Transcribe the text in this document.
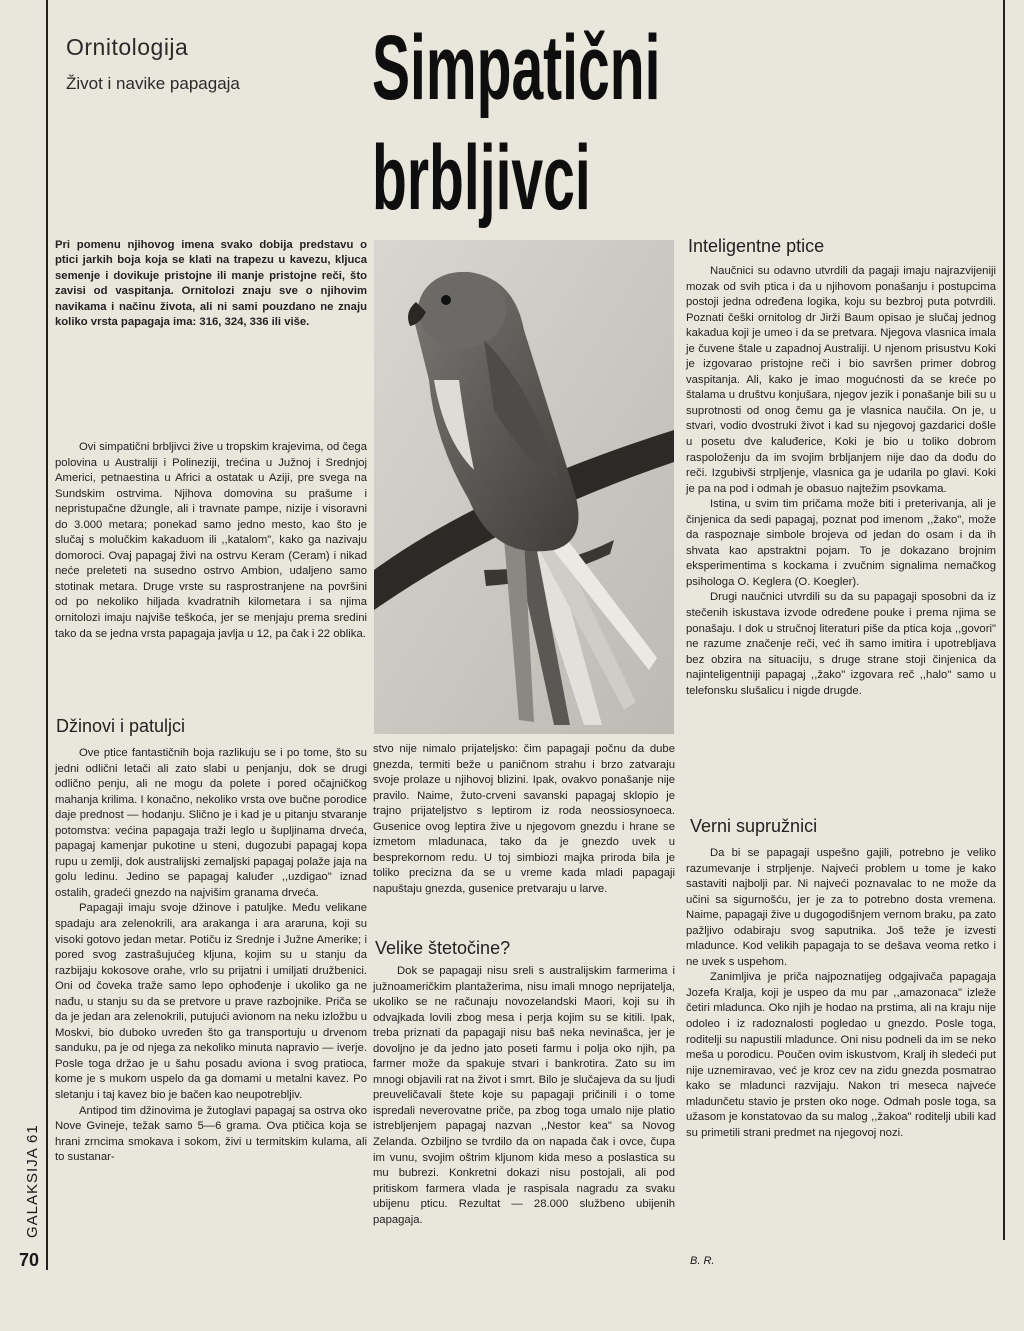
Ornitologija
Život i navike papagaja Simpatični
brbljivci
Pri pomenu njihovog imena svako dobija predstavu o ptici jarkih boja koja se klati na trapezu u kavezu, kljuca semenje i dovikuje pristojne ili manje pristojne reči, što zavisi od vaspitanja. Ornitolozi znaju sve o njihovim navikama i načinu života, ali ni sami pouzdano ne znaju koliko vrsta papagaja ima: 316, 324, 336 ili više.

Ovi simpatični brbljivci žive u tropskim krajevima, od čega polovina u Australiji i Polineziji, trećina u Južnoj i Srednjoj Americi, petnaestina u Africi a ostatak u Aziji, pre svega na Sundskim ostrvima. Njihova domovina su prašume i nepristupačne džungle, ali i travnate pampe, nizije i visoravni do 3.000 metara; ponekad samo jedno mesto, kao što je slučaj s molučkim kakaduom ili ,,katalom", kako ga nazivaju domoroci. Ovaj papagaj živi na ostrvu Keram (Ceram) i nikad neće preleteti na susedno ostrvo Ambion, udaljeno samo stotinak metara. Druge vrste su rasprostranjene na površini od po nekoliko hiljada kvadratnih kilometara i sa njima ornitolozi imaju najviše teškoća, jer se menjaju prema sredini tako da se jedna vrsta papagaja javlja u 12, pa čak i 22 oblika.

Džinovi i patuljci

Ove ptice fantastičnih boja razlikuju se i po tome, što su jedni odlični letači ali zato slabi u penjanju, dok se drugi odlično penju, ali ne mogu da polete i pored očajničkog mahanja krilima. I konačno, nekoliko vrsta ove bučne porodice daje prednost — hodanju. Slično je i kad je u pitanju stvaranje potomstva: većina papagaja traži leglo u šupljinama drveća, papagaj kamenjar pukotine u steni, dugozubi papagaj kopa rupu u zemlji, dok australijski zemaljski papagaj polaže jaja na golu ledinu. Jedino se papagaj kaluđer ,,uzdigao" iznad ostalih, gradeći gnezdo na najvišim granama drveća.

Papagaji imaju svoje džinove i patuljke. Među velikane spadaju ara zelenokrili, ara arakanga i ara araruna, koji su visoki gotovo jedan metar. Potiču iz Srednje i Južne Amerike; i pored svog zastrašujućeg kljuna, kojim su u stanju da razbijaju kokosove orahe, vrlo su prijatni i umiljati družbenici. Oni od čoveka traže samo lepo ophođenje i ukoliko ga ne nađu, u stanju su da se pretvore u prave razbojnike. Priča se da je jedan ara zelenokrili, putujući avionom na neku izložbu u Moskvi, bio duboko uvređen što ga transportuju u drvenom sanduku, pa je od njega za nekoliko minuta napravio — iverje. Posle toga držao je u šahu posadu aviona i svog pratioca, kome je s mukom uspelo da ga domami u metalni kavez. Po sletanju i taj kavez bio je bačen kao neupotrebljiv.

Antipod tim džinovima je žutoglavi papagaj sa ostrva oko Nove Gvineje, težak samo 5—6 grama. Ova ptičica koja se hrani zrncima smokava i sokom, živi u termitskim kulama, ali to sustanar-

stvo nije nimalo prijateljsko: čim papagaji počnu da dube gnezda, termiti beže u paničnom strahu i brzo zatvaraju svoje prolaze u njihovoj blizini. Ipak, ovakvo ponašanje nije pravilo. Naime, žuto-crveni savanski papagaj sklopio je trajno prijateljstvo s leptirom iz roda neossiosynoeca. Gusenice ovog leptira žive u njegovom gnezdu i hrane se izmetom mladunaca, tako da je gnezdo uvek u besprekornom redu. U toj simbiozi majka priroda bila je toliko precizna da se u vreme kada mladi papagaji napuštaju gnezda, gusenice pretvaraju u larve.

Velike štetočine?

Dok se papagaji nisu sreli s australijskim farmerima i južnoameričkim plantažerima, nisu imali mnogo neprijatelja, ukoliko se ne računaju novozelandski Maori, koji su ih odvajkada lovili zbog mesa i perja kojim su se kitili. Ipak, treba priznati da papagaji nisu baš neka nevinašca, jer je dovoljno je da jedno jato poseti farmu i polja oko njih, pa farmer može da spakuje stvari i bankrotira. Zato su im mnogi objavili rat na život i smrt. Bilo je slučajeva da su ljudi preuveličavali štete koje su papagaji pričinili i o tome ispredali neverovatne priče, pa zbog toga umalo nije platio istrebljenjem papagaj nazvan ,,Nestor kea" sa Novog Zelanda. Ozbiljno se tvrdilo da on napada čak i ovce, čupa im vunu, svojim oštrim kljunom kida meso a poslastica su mu bubrezi. Konkretni dokazi nisu postojali, ali pod pritiskom farmera vlada je raspisala nagradu za svaku ubijenu pticu. Rezultat — 28.000 službeno ubijenih papagaja.

Inteligentne ptice

Naučnici su odavno utvrdili da pagaji imaju najrazvijeniji mozak od svih ptica i da u njihovom ponašanju i postupcima postoji jedna određena logika, koju su bezbroj puta potvrdili. Poznati češki ornitolog dr Jirži Baum opisao je slučaj jednog kakadua koji je umeo i da se pretvara. Njegova vlasnica imala je čuvene štale u zapadnoj Australiji. U njenom prisustvu Koki je izgovarao pristojne reči i bio savršen primer dobrog vaspitanja. Ali, kako je imao mogućnosti da se kreće po štalama u društvu konjušara, njegov jezik i ponašanje bili su u suprotnosti od onog čemu ga je vlasnica naučila. On je, u stvari, vodio dvostruki život i kad su njegovoj gazdarici došle u posetu dve kaluđerice, Koki je bio u toliko dobrom raspoloženju da im svojim brbljanjem nije dao da dođu do reči. Izgubivši strpljenje, vlasnica ga je udarila po glavi. Koki je pa na pod i odmah je obasuo najtežim psovkama.

Istina, u svim tim pričama može biti i preterivanja, ali je činjenica da sedi papagaj, poznat pod imenom ,,žako", može da raspoznaje simbole brojeva od jedan do osam i da ih shvata kao apstraktni pojam. To je dokazano brojnim eksperimentima s kockama i zvučnim signalima nemačkog psihologa O. Keglera (O. Koegler).

Drugi naučnici utvrdili su da su papagaji sposobni da iz stečenih iskustava izvode određene pouke i prema njima se ponašaju. I dok u stručnoj literaturi piše da ptica koja ,,govori" ne razume značenje reči, već ih samo imitira i upotrebljava bez obzira na situaciju, s druge strane stoji činjenica da najinteligentniji papagaj ,,žako" izgovara reč ,,halo" samo u telefonsku slušalicu i nigde drugde.

Verni supružnici

Da bi se papagaji uspešno gajili, potrebno je veliko razumevanje i strpljenje. Najveći problem u tome je kako sastaviti najbolji par. Ni najveći poznavalac to ne može da učini sa sigurnošću, jer je za to potrebno dosta vremena. Naime, papagaji žive u dugogodišnjem vernom braku, pa zato pažljivo odabiraju svog saputnika. Još teže je izvesti mladunce. Kod velikih papagaja to se dešava veoma retko i ne uvek s uspehom.

Zanimljiva je priča najpoznatijeg odgajivača papagaja Jozefa Kralja, koji je uspeo da mu par ,,amazonaca" izleže četiri mladunca. Oko njih je hodao na prstima, ali na kraju nije odoleo i iz radoznalosti pogledao u gnezdo. Posle toga, roditelji su napustili mladunce. Oni nisu podneli da im se neko meša u porodicu. Poučen ovim iskustvom, Kralj ih sledeći put nije uznemiravao, već je kroz cev na zidu gnezda posmatrao kako se mladunci razvijaju. Nakon tri meseca najveće mladunčetu stavio je prsten oko noge. Odmah posle toga, sa užasom je konstatovao da su malog ,,žakoa" roditelji ubili kad su primetili strani predmet na njegovoj nozi.

B. R.
GALAKSIJA 61
70
